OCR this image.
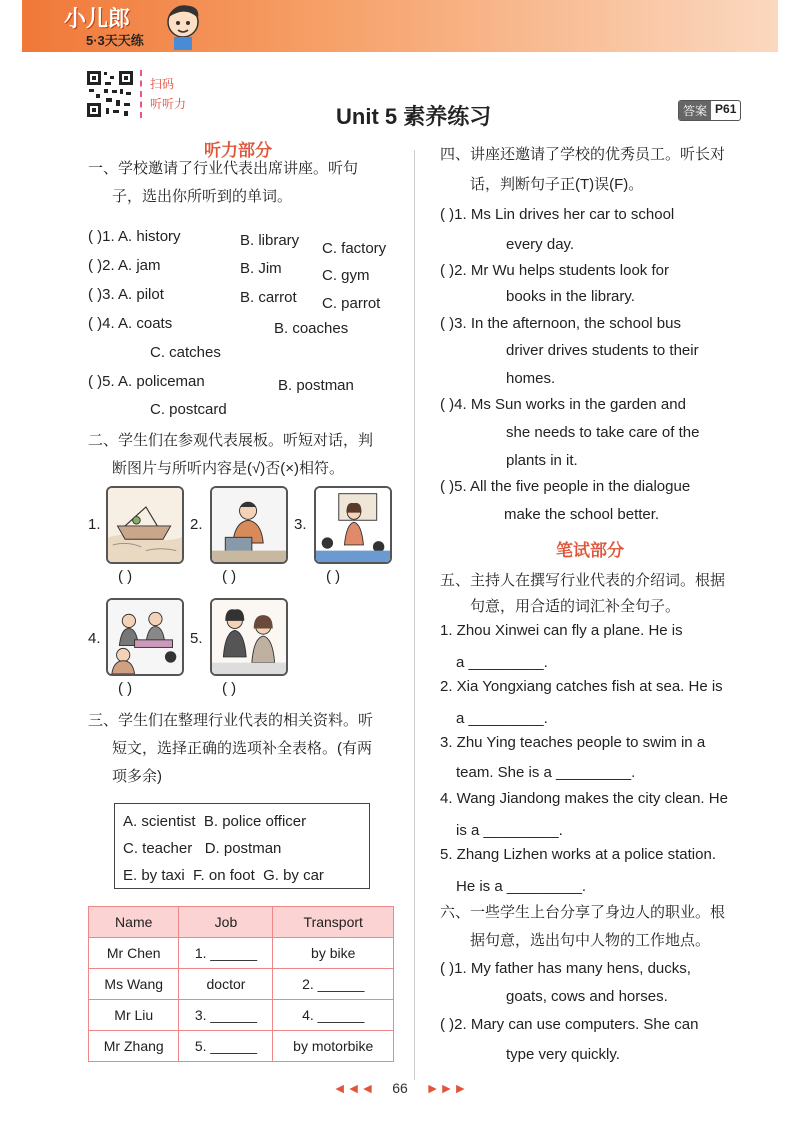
小儿郎
5·3天天练
扫码
听听力	Unit 5 素养练习	答案 P61
听力部分
一、学校邀请了行业代表出席讲座。听句
子，选出你所听到的单词。
( )1. A. history	B. library C. factory
( )2. A. jam	B. Jim	C. gym
( )3. A. pilot	B. carrot C. parrot
( )4. A. coats	B. coaches
C. catches
( )5. A. policeman	B. postman
C. postcard
二、学生们在参观代表展板。听短对话，判
断图片与所听内容是(√)否(×)相符。
1.
( )
2.
( )
3.
( )
4.
( )
5.
( )
三、学生们在整理行业代表的相关资料。听
短文，选择正确的选项补全表格。(有两
项多余)
A. scientist  B. police officer
C. teacher   D. postman
E. by taxi  F. on foot  G. by car
Name	Job	Transport
Mr Chen	1. ______	by bike
Ms Wang	doctor	2. ______
Mr Liu	3. ______	4. ______
Mr Zhang	5. ______	by motorbike
四、讲座还邀请了学校的优秀员工。听长对
话，判断句子正(T)误(F)。
( )1. Ms Lin drives her car to school
every day.
( )2. Mr Wu helps students look for
books in the library.
( )3. In the afternoon, the school bus
driver drives students to their
homes.
( )4. Ms Sun works in the garden and
she needs to take care of the
plants in it.
( )5. All the five people in the dialogue
make the school better.
笔试部分
五、主持人在撰写行业代表的介绍词。根据
句意，用合适的词汇补全句子。
1. Zhou Xinwei can fly a plane. He is
a _________.
2. Xia Yongxiang catches fish at sea. He is
a _________.
3. Zhu Ying teaches people to swim in a
team. She is a _________.
4. Wang Jiandong makes the city clean. He
is a _________.
5. Zhang Lizhen works at a police station.
He is a _________.
六、一些学生上台分享了身边人的职业。根
据句意，选出句中人物的工作地点。
( )1. My father has many hens, ducks,
goats, cows and horses.
( )2. Mary can use computers. She can
type very quickly.
◄◄◄ 66 ►►►
